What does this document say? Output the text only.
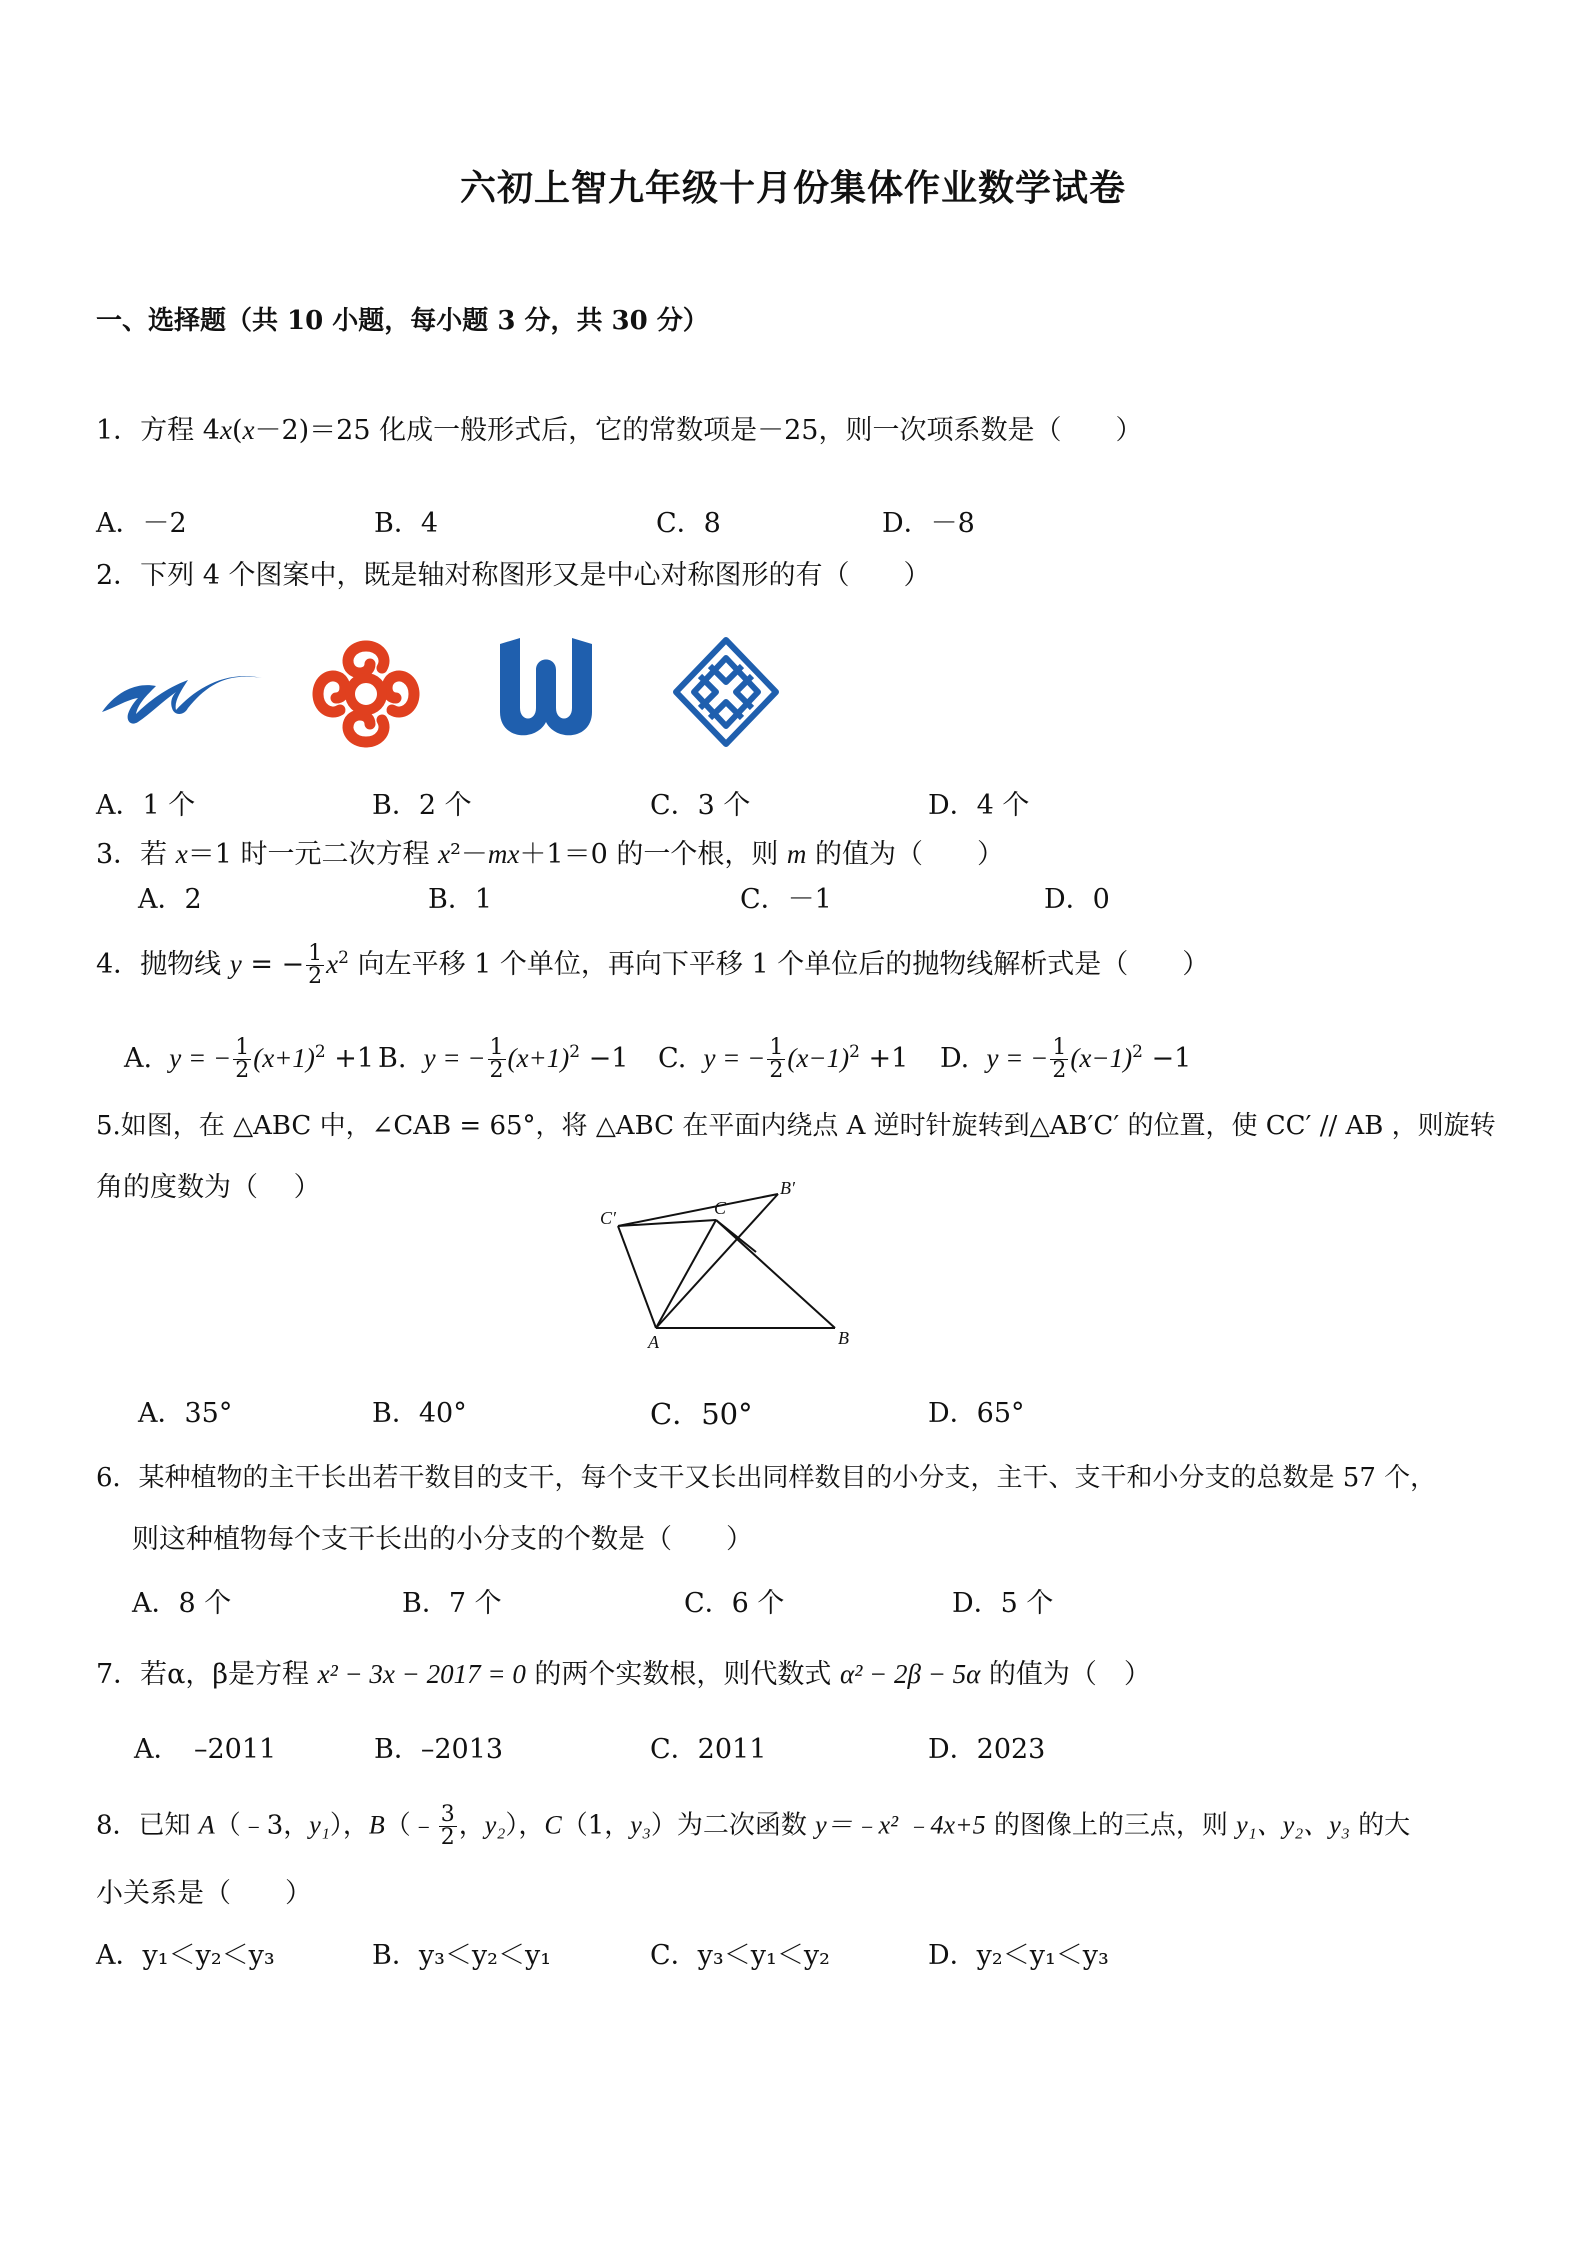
六初上智九年级十月份集体作业数学试卷
一、选择题（共 10 小题，每小题 3 分，共 30 分）
1．方程 4x(x－2)＝25 化成一般形式后，它的常数项是－25，则一次项系数是（　　）
A．－2	B．4	C．8	D．－8
2．下列 4 个图案中，既是轴对称图形又是中心对称图形的有（　　）
A．1 个	B．2 个	C．3 个	D．4 个
3．若 x＝1 时一元二次方程 x²－mx＋1＝0 的一个根，则 m 的值为（　　）
A．2	B．1	C．－1	D．0
4．抛物线 y = − $\frac{1}{2} x^2$ 向左平移 1 个单位，再向下平移 1 个单位后的抛物线解析式是（　　）
A. y = − $\frac{1}{2} (x+1)^2 +1$ B. y = − $\frac{1}{2} (x+1)^2 -1$ C. y = − $\frac{1}{2} (x-1)^2 +1$ D. y = − $\frac{1}{2} (x-1)^2 -1$
5.如图，在 △ABC 中，∠CAB = 65°，将 △ABC 在平面内绕点 A 逆时针旋转到△AB′C′ 的位置，使 CC′ // AB ，则旋转
角的度数为（　 ）
A	B
C
C′
B′
A．35°	B．40°	C．50°	D．65°
6．某种植物的主干长出若干数目的支干，每个支干又长出同样数目的小分支，主干、支干和小分支的总数是 57 个，
则这种植物每个支干长出的小分支的个数是（　　）
A．8 个	B．7 个	C．6 个	D．5 个
7．若α，β是方程 x² − 3x − 2017 = 0 的两个实数根，则代数式 α² − 2β − 5α 的值为（　）
A．　–2011	B．–2013	C．2011	D．2023
8．已知 A（﹣3，y₁），B（﹣ $\frac{3}{2}$ ，y₂），C（1，y₃）为二次函数 y＝﹣x² ﹣4x+5 的图像上的三点，则 y₁、y₂、y₃ 的大
小关系是（　　）
A．y₁＜y₂＜y₃	B．y₃＜y₂＜y₁	C．y₃＜y₁＜y₂	D．y₂＜y₁＜y₃
